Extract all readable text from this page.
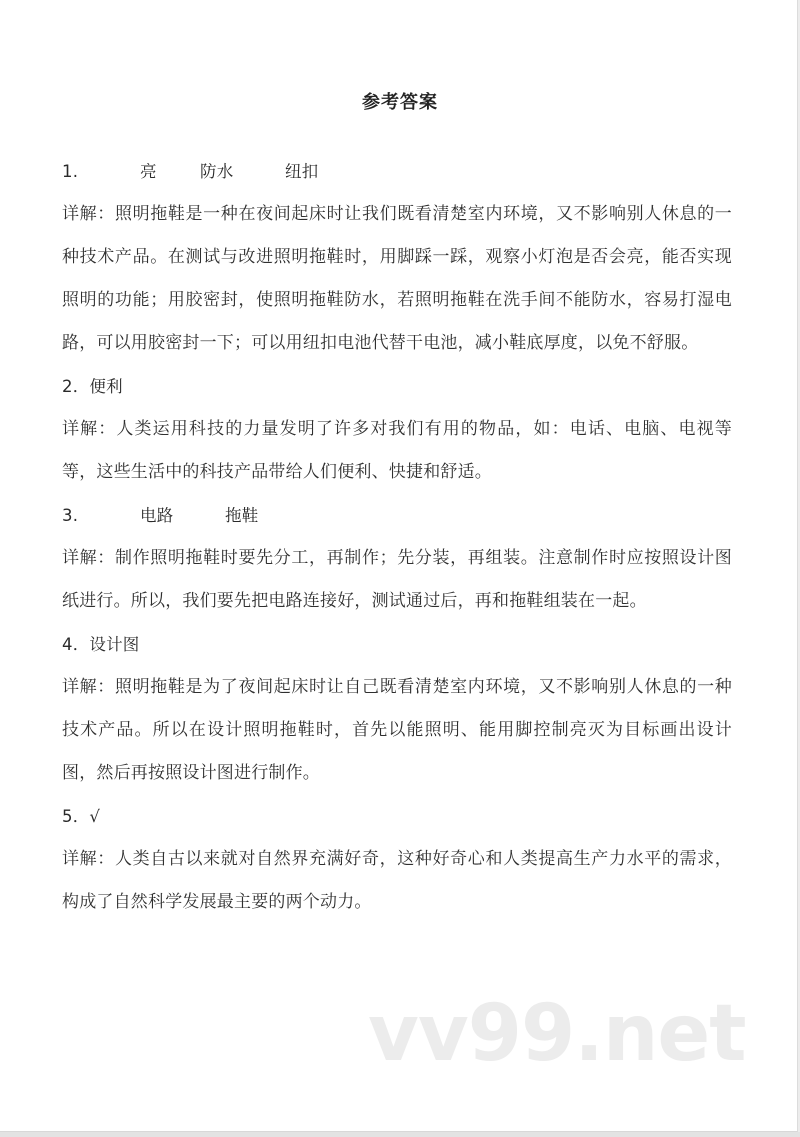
参考答案
1.	亮	防水	纽扣

详解：照明拖鞋是一种在夜间起床时让我们既看清楚室内环境，又不影响别人休息的一种技术产品。在测试与改进照明拖鞋时，用脚踩一踩，观察小灯泡是否会亮，能否实现照明的功能；用胶密封，使照明拖鞋防水，若照明拖鞋在洗手间不能防水，容易打湿电路，可以用胶密封一下；可以用纽扣电池代替干电池，减小鞋底厚度，以免不舒服。

2．便利

详解：人类运用科技的力量发明了许多对我们有用的物品，如：电话、电脑、电视等等，这些生活中的科技产品带给人们便利、快捷和舒适。

3.	电路	拖鞋

详解：制作照明拖鞋时要先分工，再制作；先分装，再组装。注意制作时应按照设计图纸进行。所以，我们要先把电路连接好，测试通过后，再和拖鞋组装在一起。

4．设计图

详解：照明拖鞋是为了夜间起床时让自己既看清楚室内环境，又不影响别人休息的一种技术产品。所以在设计照明拖鞋时，首先以能照明、能用脚控制亮灭为目标画出设计图，然后再按照设计图进行制作。

5．√

详解：人类自古以来就对自然界充满好奇，这种好奇心和人类提高生产力水平的需求，构成了自然科学发展最主要的两个动力。

vv99.net
